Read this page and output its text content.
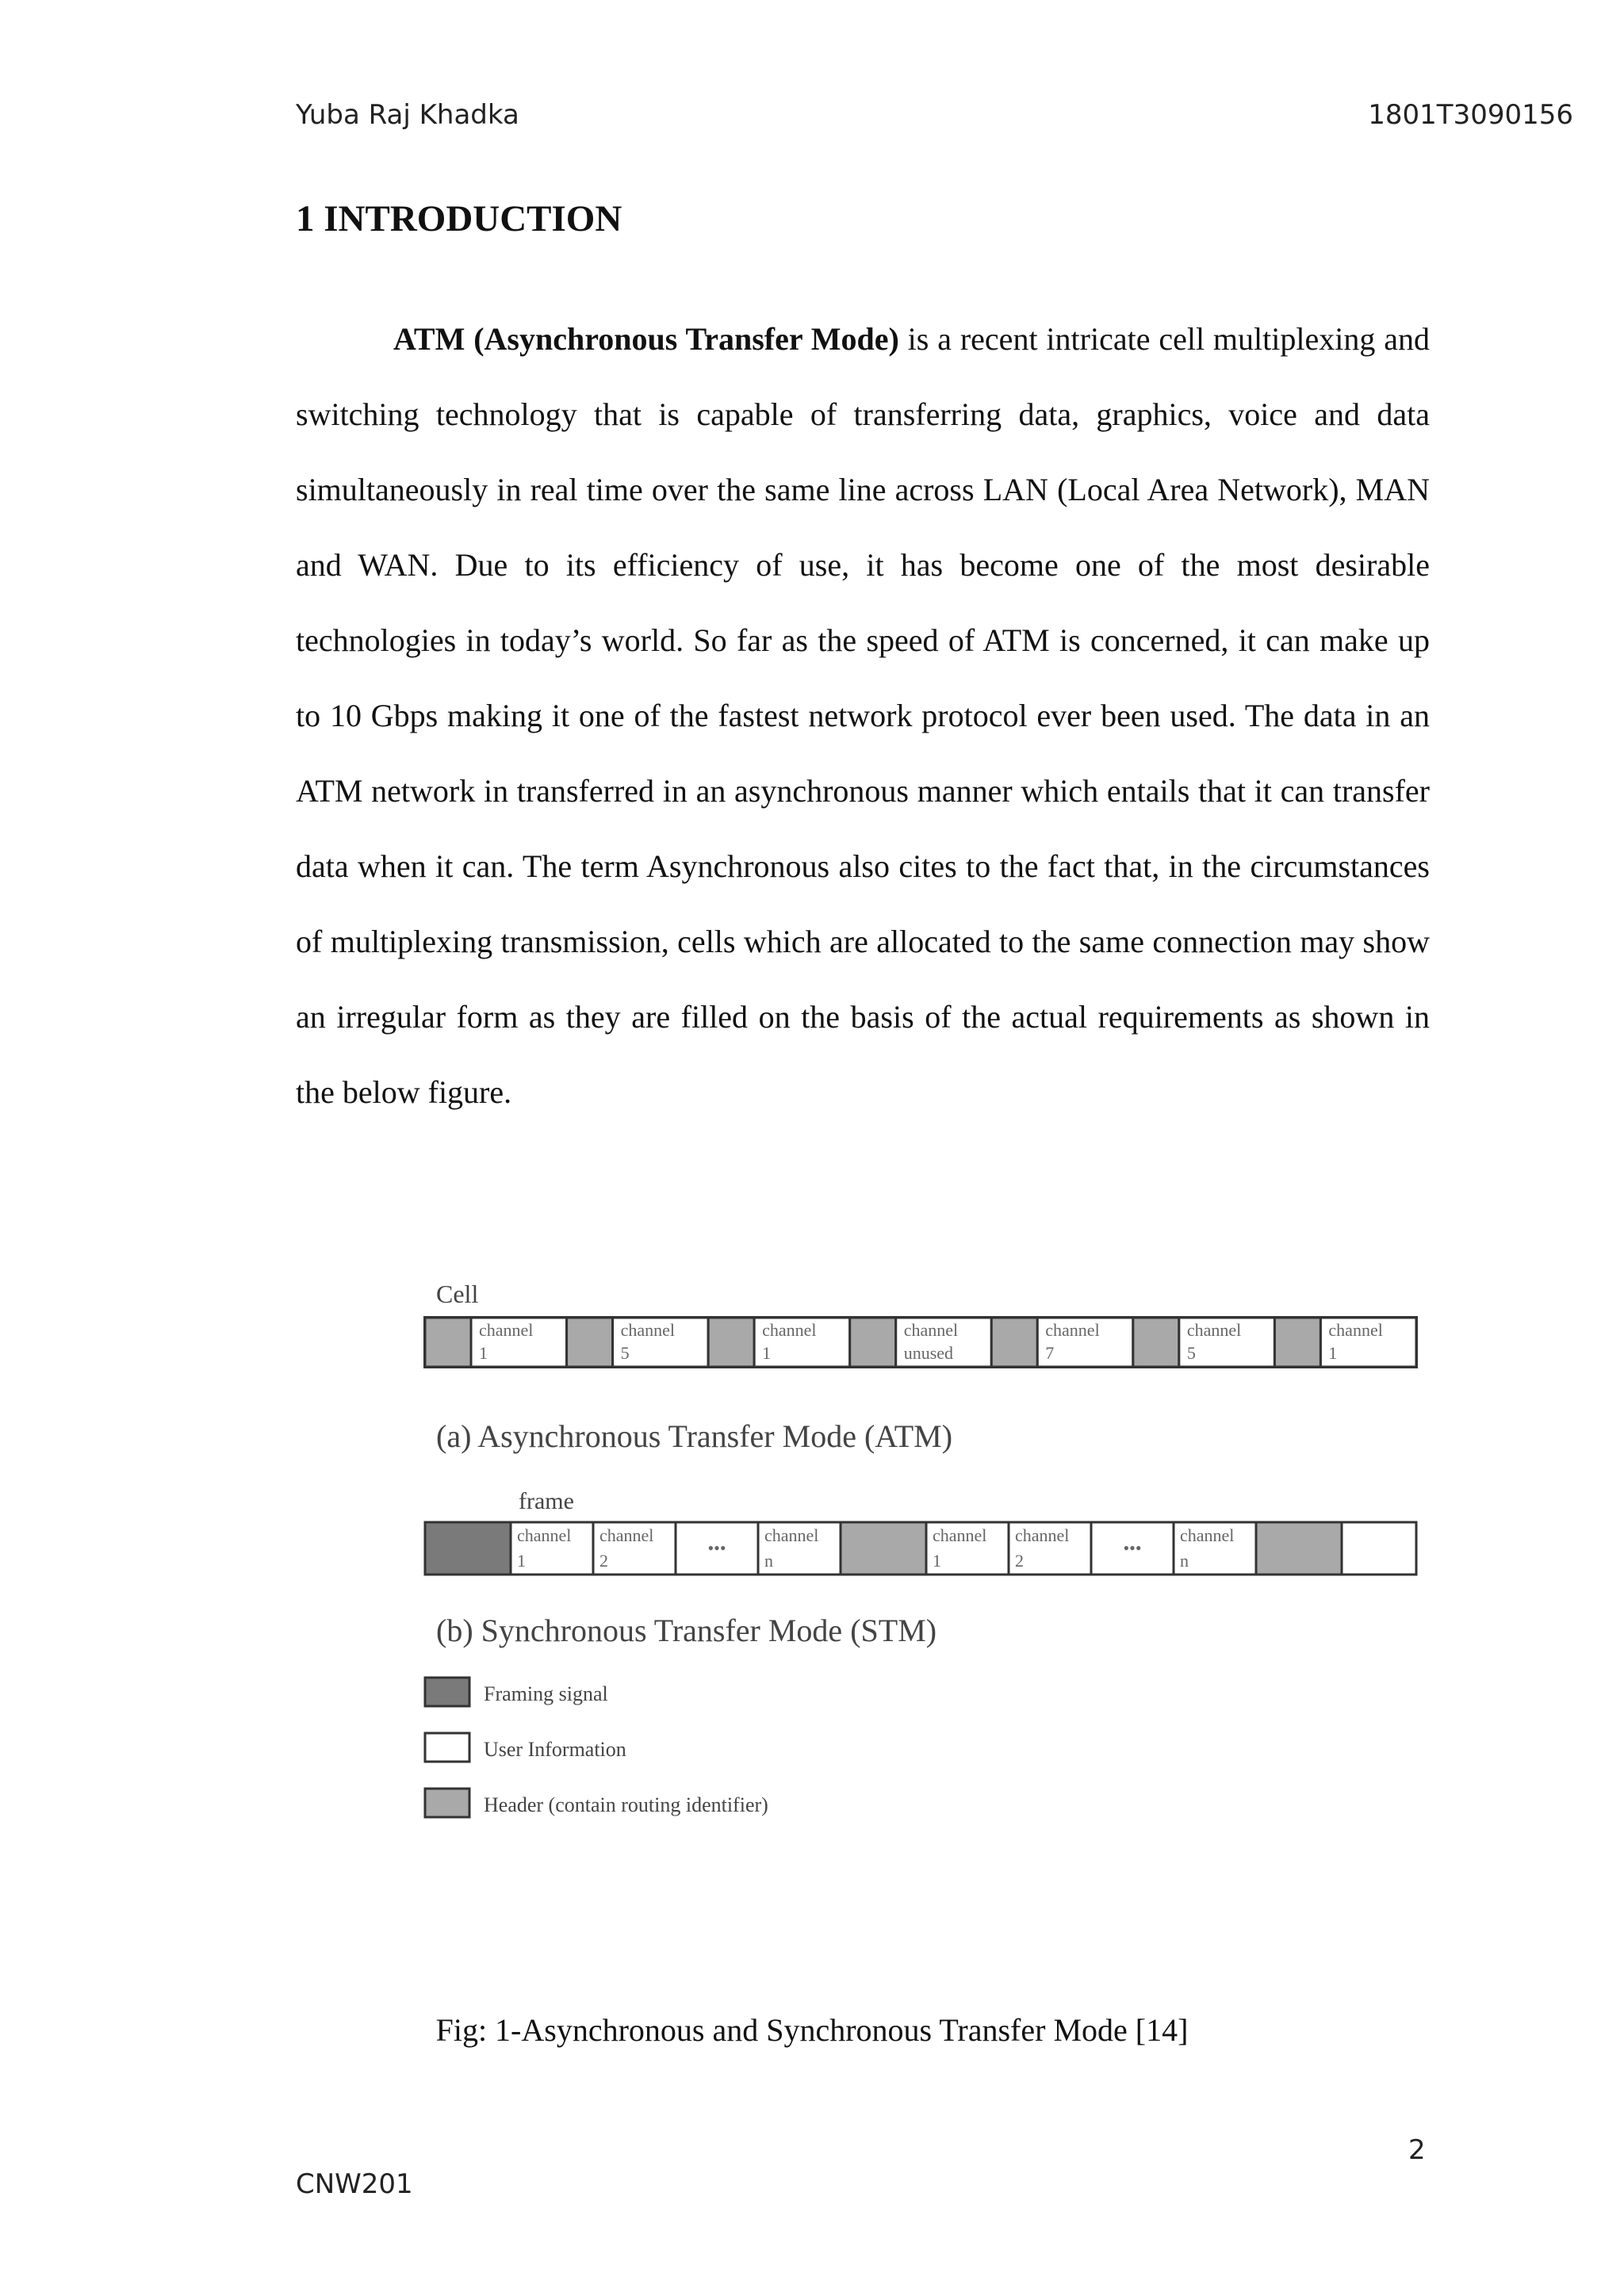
Yuba Raj Khadka	1801T3090156
1 INTRODUCTION

ATM (Asynchronous Transfer Mode) is a recent intricate cell multiplexing and switching technology that is capable of transferring data, graphics, voice and data simultaneously in real time over the same line across LAN (Local Area Network), MAN and WAN. Due to its efficiency of use, it has become one of the most desirable technologies in today’s world. So far as the speed of ATM is concerned, it can make up to 10 Gbps making it one of the fastest network protocol ever been used. The data in an ATM network in transferred in an asynchronous manner which entails that it can transfer data when it can. The term Asynchronous also cites to the fact that, in the circumstances of multiplexing transmission, cells which are allocated to the same connection may show an irregular form as they are filled on the basis of the actual requirements as shown in the below figure.

Cell
channel
1
channel
5
channel
1
channel
unused
channel
7
channel
5
channel
1
(a) Asynchronous Transfer Mode (ATM)
frame
channel
1
channel
2
•••
channel
n
channel
1
channel
2
•••
channel
n
(b) Synchronous Transfer Mode (STM)
Framing signal
User Information
Header (contain routing identifier)
Fig: 1-Asynchronous and Synchronous Transfer Mode [14]
2
CNW201
